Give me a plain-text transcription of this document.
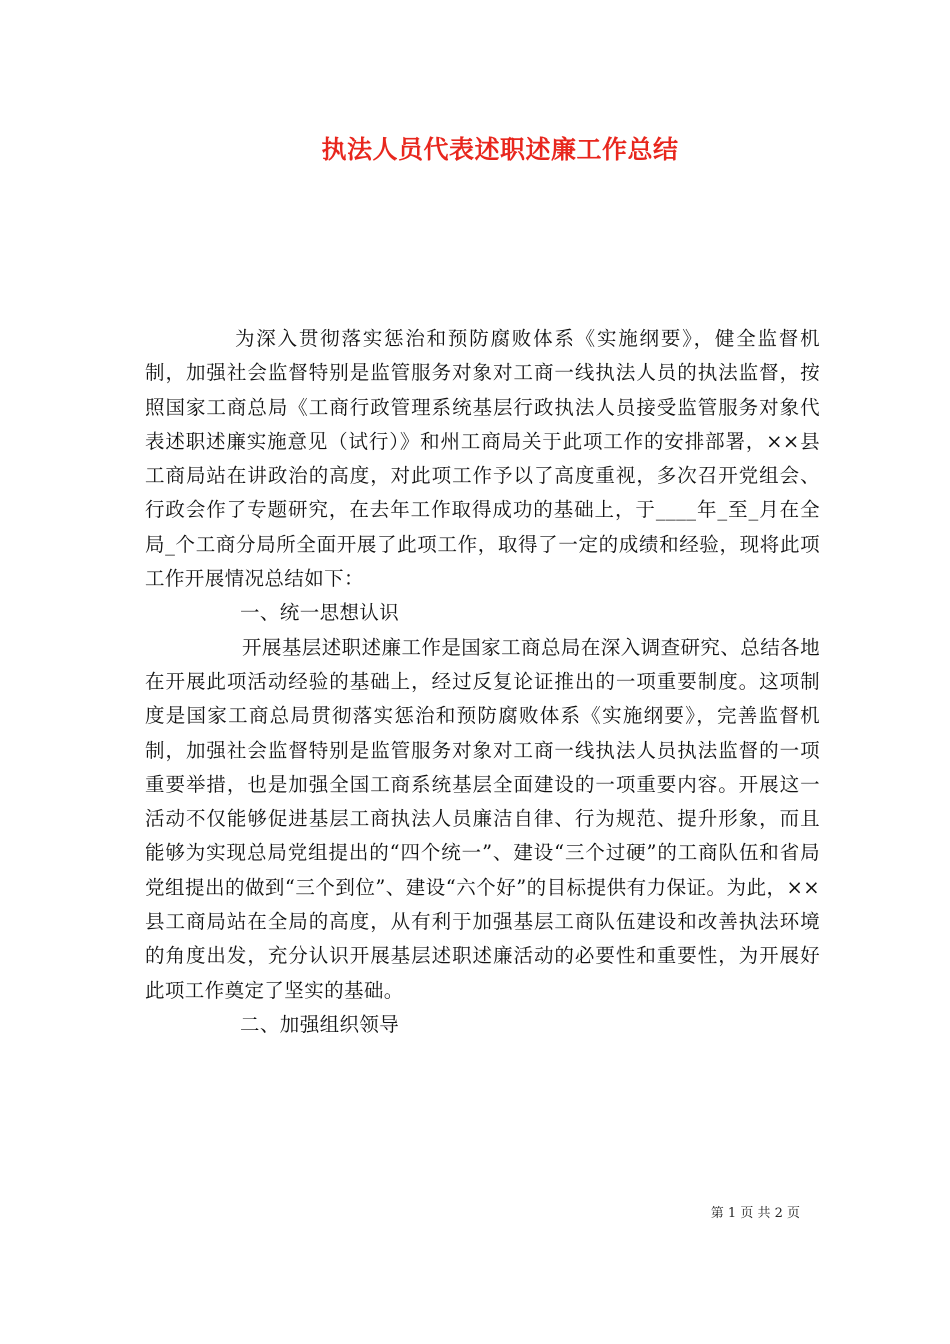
执法人员代表述职述廉工作总结

为深入贯彻落实惩治和预防腐败体系《实施纲要》，健全监督机制，加强社会监督特别是监管服务对象对工商一线执法人员的执法监督，按照国家工商总局《工商行政管理系统基层行政执法人员接受监管服务对象代表述职述廉实施意见（试行）》和州工商局关于此项工作的安排部署，××县工商局站在讲政治的高度，对此项工作予以了高度重视，多次召开党组会、行政会作了专题研究，在去年工作取得成功的基础上，于____年_至_月在全局_个工商分局所全面开展了此项工作，取得了一定的成绩和经验，现将此项工作开展情况总结如下：

一、统一思想认识

开展基层述职述廉工作是国家工商总局在深入调查研究、总结各地在开展此项活动经验的基础上，经过反复论证推出的一项重要制度。这项制度是国家工商总局贯彻落实惩治和预防腐败体系《实施纲要》，完善监督机制，加强社会监督特别是监管服务对象对工商一线执法人员执法监督的一项重要举措，也是加强全国工商系统基层全面建设的一项重要内容。开展这一活动不仅能够促进基层工商执法人员廉洁自律、行为规范、提升形象，而且能够为实现总局党组提出的“四个统一”、建设“三个过硬”的工商队伍和省局党组提出的做到“三个到位”、建设“六个好”的目标提供有力保证。为此，××县工商局站在全局的高度，从有利于加强基层工商队伍建设和改善执法环境的角度出发，充分认识开展基层述职述廉活动的必要性和重要性，为开展好此项工作奠定了坚实的基础。

二、加强组织领导

第 1 页 共 2 页
